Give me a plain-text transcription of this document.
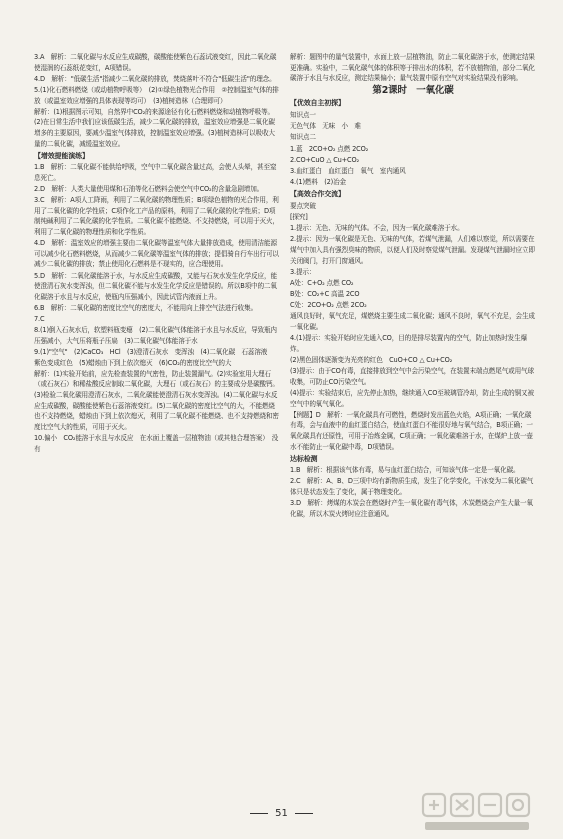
3.A　解析：二氧化碳与水反应生成碳酸，碳酸能使紫色石蕊试液变红，因此二氧化碳使湿润的石蕊纸花变红，A项错误。
4.D　解析："低碳生活"指减少二氧化碳的排放，焚烧落叶不符合"低碳生活"的理念。
5.(1)化石燃料燃烧（或动植物呼吸等）　(2)①绿色植物光合作用　②控制温室气体的排放（或温室效应增强的具体表现等均可）　(3)植树造林（合理即可）
解析：(1)根据图示可知，自然界中CO₂的来源途径有化石燃料燃烧和动植物呼吸等。(2)在日常生活中我们应该低碳生活，减少二氧化碳的排放，温室效应增强是二氧化碳增多的主要原因，要减少温室气体排放，控制温室效应增强。(3)植树造林可以吸收大量的二氧化碳，减缓温室效应。
【增效提能演练】
1.B　解析：二氧化碳不能供给呼吸，空气中二氧化碳含量过高，会使人头晕，甚至窒息死亡。
2.D　解析：人类大量使用煤和石油等化石燃料会使空气中CO₂的含量急剧增加。
3.C　解析：A项人工降雨，利用了二氧化碳的物理性质；B项绿色植物的光合作用，利用了二氧化碳的化学性质；C项作化工产品的原料，利用了二氧化碳的化学性质；D项制纯碱利用了二氧化碳的化学性质。二氧化碳不能燃烧、不支持燃烧，可以用于灭火，利用了二氧化碳的物理性质和化学性质。
4.D　解析：温室效应的增强主要由二氧化碳等温室气体大量排放造成，使用清洁能源可以减少化石燃料燃烧，从而减少二氧化碳等温室气体的排放；提倡骑自行车出行可以减少二氧化碳的排放；禁止使用化石燃料是不现实的，应合理使用。
5.D　解析：二氧化碳能溶于水，与水反应生成碳酸，又能与石灰水发生化学反应，能使澄清石灰水变浑浊，但二氧化碳不能与水发生化学反应是错误的。所以B项中的二氧化碳溶于水且与水反应，使瓶内压强减小，因此试管内液面上升。
6.B　解析：二氧化碳的密度比空气的密度大，不能用向上排空气法进行收集。
7.C
8.(1)倒入石灰水后，软塑料瓶变瘪　(2)二氧化碳气体能溶于水且与水反应，导致瓶内压强减小，大气压将瓶子压扁　(3)二氧化碳气体能溶于水
9.(1)"空气"　(2)CaCO₃　HCl　(3)澄清石灰水　变浑浊　(4)二氧化碳　石蕊溶液　紫色变成红色　(5)蜡烛由下到上依次熄灭　(6)CO₂的密度比空气的大
解析：(1)实验开始前，应先检查装置的气密性，防止装置漏气。(2)实验室用大理石（或石灰石）和稀盐酸反应制取二氧化碳，大理石（或石灰石）的主要成分是碳酸钙。(3)检验二氧化碳用澄清石灰水，二氧化碳能使澄清石灰水变浑浊。(4)二氧化碳与水反应生成碳酸，碳酸能使紫色石蕊溶液变红。(5)二氧化碳的密度比空气的大，不能燃烧也不支持燃烧，蜡烛由下到上依次熄灭，利用了二氧化碳不能燃烧、也不支持燃烧和密度比空气大的性质，可用于灭火。
10.偏小　CO₂能溶于水且与水反应　在水面上覆盖一层植物油（或其他合理答案）　没有
解析：题图中的量气装置中，水面上放一层植物油，防止二氧化碳溶于水，使测定结果更准确。实验中，二氧化碳气体的体积等于排出水的体积，若不放植物油，部分二氧化碳溶于水且与水反应，测定结果偏小；量气装置中原有空气对实验结果没有影响。
第2课时　一氧化碳
【优效自主初探】
知识点一
无色气体　无味　小　难
知识点二
1.蓝　2CO+O₂ 点燃 2CO₂
2.CO+CuO △ Cu+CO₂
3.血红蛋白　血红蛋白　氧气　室内通风
4.(1)燃料　(2)冶金
【高效合作交流】
要点突破
[探究]
1.提示：无色、无味的气体。不会，因为一氧化碳难溶于水。
2.提示：因为一氧化碳是无色、无味的气体，若煤气泄漏，人们难以察觉，所以需要在煤气中加入具有强烈臭味的物质，以便人们及时察觉煤气泄漏。发现煤气泄漏时应立即关闭阀门，打开门窗通风。
3.提示：
A处：C+O₂ 点燃 CO₂
B处：CO₂+C 高温 2CO
C处：2CO+O₂ 点燃 2CO₂
通风良好时，氧气充足，煤燃烧主要生成二氧化碳；通风不良时，氧气不充足，会生成一氧化碳。
4.(1)提示：实验开始时应先通入CO，目的是排尽装置内的空气，防止加热时发生爆炸。
(2)黑色固体逐渐变为光亮的红色　CuO+CO △ Cu+CO₂
(3)提示：由于CO有毒，直接排放到空气中会污染空气，在装置末端点燃尾气或用气球收集，可防止CO污染空气。
(4)提示：实验结束后，应先停止加热，继续通入CO至玻璃管冷却，防止生成的铜又被空气中的氧气氧化。
【例题】D　解析：一氧化碳具有可燃性，燃烧时发出蓝色火焰，A项正确；一氧化碳有毒，会与血液中的血红蛋白结合，使血红蛋白不能很好地与氧气结合，B项正确；一氧化碳具有还原性，可用于冶炼金属，C项正确；一氧化碳难溶于水，在煤炉上放一壶水不能防止一氧化碳中毒，D项错误。
达标检测
1.B　解析：根据该气体有毒，易与血红蛋白结合，可知该气体一定是一氧化碳。
2.C　解析：A、B、D三项中均有新物质生成，发生了化学变化，干冰变为二氧化碳气体只是状态发生了变化，属于物理变化。
3.D　解析：烤煤的木炭会在燃烧时产生一氧化碳有毒气体，木炭燃烧会产生大量一氧化碳，所以木炭火烤时应注意通风。
51
